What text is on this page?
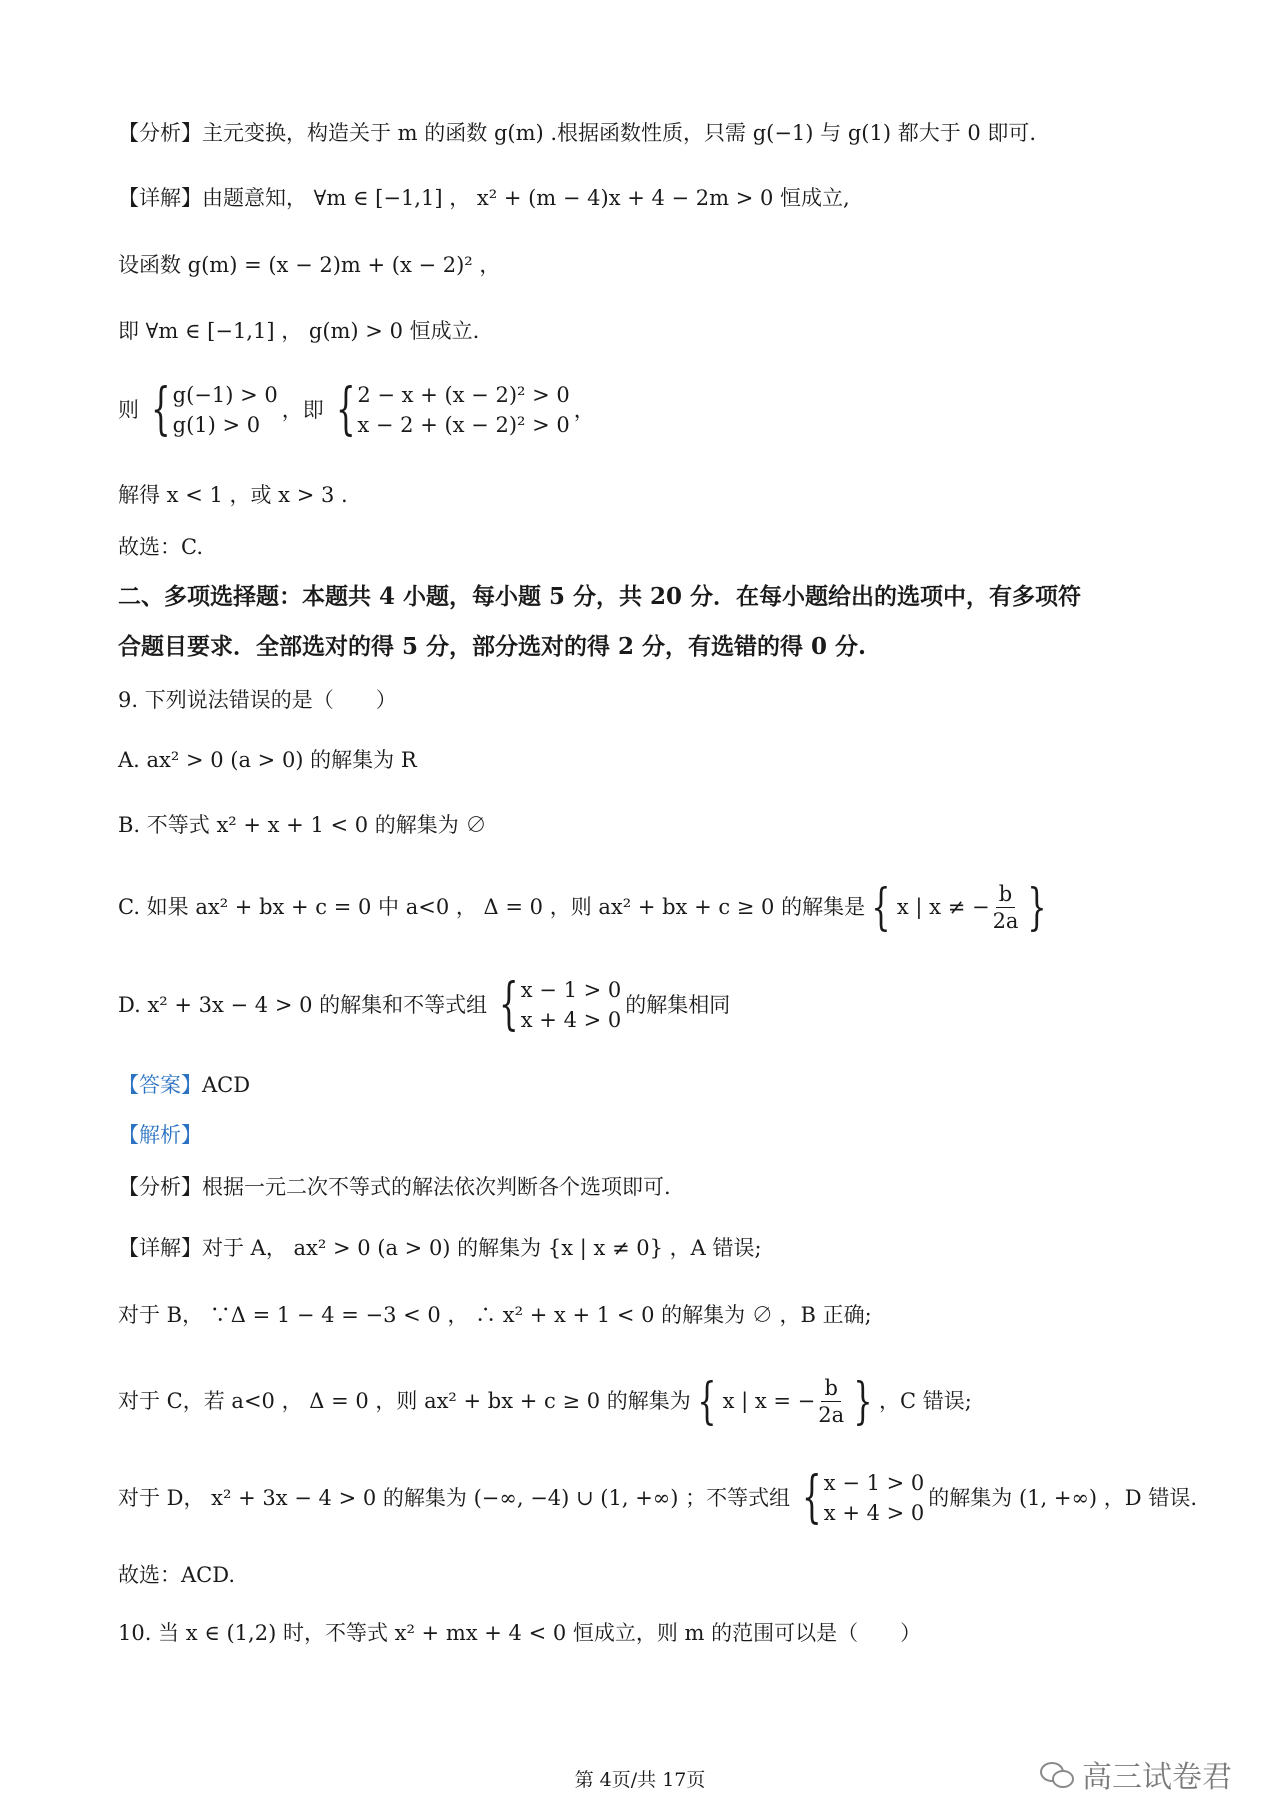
【分析】主元变换，构造关于 m 的函数 g(m) .根据函数性质，只需 g(−1) 与 g(1) 都大于 0 即可.
【详解】由题意知， ∀m ∈ [−1,1] ， x² + (m − 4)x + 4 − 2m > 0 恒成立,
设函数 g(m) = (x − 2)m + (x − 2)² ，
即 ∀m ∈ [−1,1] ， g(m) > 0 恒成立.
则 { g(−1) > 0
g(1) > 0
，即 { 2 − x + (x − 2)² > 0
x − 2 + (x − 2)² > 0
，
解得 x < 1 ，或 x > 3 .
故选：C.
二、多项选择题：本题共 4 小题，每小题 5 分，共 20 分．在每小题给出的选项中，有多项符
合题目要求．全部选对的得 5 分，部分选对的得 2 分，有选错的得 0 分.
9. 下列说法错误的是（　　）
A. ax² > 0 (a > 0) 的解集为 R
B. 不等式 x² + x + 1 < 0 的解集为 ∅
C. 如果 ax² + bx + c = 0 中 a<0 ， Δ = 0 ，则 ax² + bx + c ≥ 0 的解集是 { x | x ≠ − $\frac{b}{2a}$ }
D. x² + 3x − 4 > 0 的解集和不等式组 { x − 1 > 0
x + 4 > 0
的解集相同
【答案】ACD
【解析】
【分析】根据一元二次不等式的解法依次判断各个选项即可.
【详解】对于 A， ax² > 0 (a > 0) 的解集为 {x | x ≠ 0} ，A 错误;
对于 B， ∵Δ = 1 − 4 = −3 < 0 ， ∴ x² + x + 1 < 0 的解集为 ∅ ，B 正确;
对于 C，若 a<0 ， Δ = 0 ，则 ax² + bx + c ≥ 0 的解集为 { x | x = − $\frac{b}{2a}$ } ，C 错误;
对于 D， x² + 3x − 4 > 0 的解集为 (−∞, −4) ∪ (1, +∞) ；不等式组 { x − 1 > 0
x + 4 > 0
的解集为 (1, +∞) ，D 错误.
故选：ACD.
10. 当 x ∈ (1,2) 时，不等式 x² + mx + 4 < 0 恒成立，则 m 的范围可以是（　　）
第 4页/共 17页	高三试卷君
